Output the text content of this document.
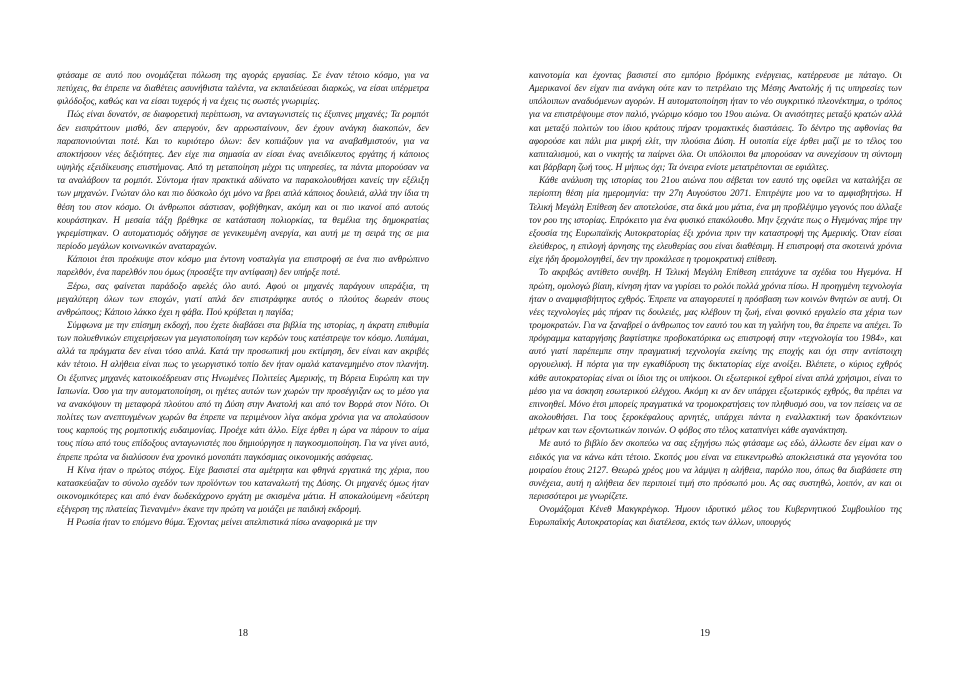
φτάσαμε σε αυτό που ονομάζεται πόλωση της αγοράς εργασίας. Σε έναν τέτοιο κόσμο, για να πετύχεις, θα έπρεπε να διαθέτεις ασυνήθιστα ταλέντα, να εκπαιδεύεσαι διαρκώς, να είσαι υπέρμετρα φιλόδοξος, καθώς και να είσαι τυχερός ή να έχεις τις σωστές γνωριμίες.

Πώς είναι δυνατόν, σε διαφορετική περίπτωση, να ανταγωνιστείς τις έξυπνες μηχανές; Τα ρομπότ δεν εισπράττουν μισθό, δεν απεργούν, δεν αρρωσταίνουν, δεν έχουν ανάγκη διακοπών, δεν παραπονιούνται ποτέ. Και το κυριότερο όλων: δεν κοπιάζουν για να αναβαθμιστούν, για να αποκτήσουν νέες δεξιότητες. Δεν είχε πια σημασία αν είσαι ένας ανειδίκευτος εργάτης ή κάποιος υψηλής εξειδίκευσης επιστήμονας. Από τη μεταποίηση μέχρι τις υπηρεσίες, τα πάντα μπορούσαν να τα αναλάβουν τα ρομπότ. Σύντομα ήταν πρακτικά αδύνατο να παρακολουθήσει κανείς την εξέλιξη των μηχανών. Γνώταν όλο και πιο δύσκολο όχι μόνο να βρει απλά κάποιος δουλειά, αλλά την ίδια τη θέση του στον κόσμο. Οι άνθρωποι σάστισαν, φοβήθηκαν, ακόμη και οι πιο ικανοί από αυτούς κουράστηκαν. Η μεσαία τάξη βρέθηκε σε κατάσταση πολιορκίας, τα θεμέλια της δημοκρατίας γκρεμίστηκαν. Ο αυτοματισμός οδήγησε σε γενικευμένη ανεργία, και αυτή με τη σειρά της σε μια περίοδο μεγάλων κοινωνικών αναταραχών.

Κάποιοι έτσι προέκυψε στον κόσμο μια έντονη νοσταλγία για επιστροφή σε ένα πιο ανθρώπινο παρελθόν, ένα παρελθόν που όμως (προσέξτε την αντίφαση) δεν υπήρξε ποτέ.

Ξέρω, σας φαίνεται παράδοξο αφελές όλο αυτό. Αφού οι μηχανές παράγουν υπεράξια, τη μεγαλύτερη όλων των εποχών, γιατί απλά δεν επιστράφηκε αυτός ο πλούτος δωρεάν στους ανθρώπους; Κάποιο λάκκο έχει η φάβα. Πού κρύβεται η παγίδα;

Σύμφωνα με την επίσημη εκδοχή, που έχετε διαβάσει στα βιβλία της ιστορίας, η άκρατη επιθυμία των πολυεθνικών επιχειρήσεων για μεγιστοποίηση των κερδών τους κατέστρεψε τον κόσμο. Λυπάμαι, αλλά τα πράγματα δεν είναι τόσο απλά. Κατά την προσωπική μου εκτίμηση, δεν είναι καν ακριβές κάν τέτοιο. Η αλήθεια είναι πως το γεωργιστικό τοπίο δεν ήταν ομαλά κατανεμημένο στον πλανήτη. Οι έξυπνες μηχανές κατοικοέδρευαν στις Ηνωμένες Πολιτείες Αμερικής, τη Βόρεια Ευρώπη και την Ιαπωνία. Όσο για την αυτοματοποίηση, οι ηγέτες αυτών των χωρών την προσέγγιζαν ως το μέσο για να ανακόψουν τη μεταφορά πλούτου από τη Δύση στην Ανατολή και από τον Βορρά στον Νότο. Οι πολίτες των ανεπτυγμένων χωρών θα έπρεπε να περιμένουν λίγα ακόμα χρόνια για να απολαύσουν τους καρπούς της ρομποτικής ευδαιμονίας. Προέχε κάτι άλλο. Είχε έρθει η ώρα να πάρουν το αίμα τους πίσω από τους επίδοξους ανταγωνιστές που δημιούργησε η παγκοσμιοποίηση. Για να γίνει αυτό, έπρεπε πρώτα να διαλύσουν ένα χρονικό μονοπάτι παγκόσμιας οικονομικής ασάφειας.

Η Κίνα ήταν ο πρώτος στόχος. Είχε βασιστεί στα αμέτρητα και φθηνά εργατικά της χέρια, που κατασκεύαζαν το σύνολο σχεδόν των προϊόντων του καταναλωτή της Δύσης. Οι μηχανές όμως ήταν οικονομικότερες και από έναν δωδεκάχρονο εργάτη με σκισμένα μάτια. Η αποκαλούμενη «δεύτερη εξέγερση της πλατείας Τιενανμέν» έκανε την πρώτη να μοιάζει με παιδική εκδρομή.

Η Ρωσία ήταν το επόμενο θύμα. Έχοντας μείνει απελπιστικά πίσω αναφορικά με την

18

καινοτομία και έχοντας βασιστεί στο εμπόριο βρόμικης ενέργειας, κατέρρευσε με πάταγο. Οι Αμερικανοί δεν είχαν πια ανάγκη ούτε καν το πετρέλαιο της Μέσης Ανατολής ή τις υπηρεσίες των υπόλοιπων αναδυόμενων αγορών. Η αυτοματοποίηση ήταν το νέο συγκριτικό πλεονέκτημα, ο τρόπος για να επιστρέψουμε στον παλιό, γνώριμο κόσμο του 19ου αιώνα. Οι ανισότητες μεταξύ κρατών αλλά και μεταξύ πολιτών του ίδιου κράτους πήραν τρομακτικές διαστάσεις. Το δέντρο της αφθονίας θα αφορούσε και πάλι μια μικρή ελίτ, την πλούσια Δύση. Η ουτοπία είχε έρθει μαζί με το τέλος του καπιταλισμού, και ο νικητής τα παίρνει όλα. Οι υπόλοιποι θα μπορούσαν να συνεχίσουν τη σύντομη και βάρβαρη ζωή τους. Η μήπως όχι; Τα όνειρα ενίοτε μετατρέπονται σε εφιάλτες.

Κάθε ανάλυση της ιστορίας του 21ου αιώνα που σέβεται τον εαυτό της οφείλει να καταλήξει σε περίοπτη θέση μία ημερομηνία: την 27η Αυγούστου 2071. Επιτρέψτε μου να το αμφισβητήσω. Η Τελική Μεγάλη Επίθεση δεν αποτελούσε, στα δικά μου μάτια, ένα μη προβλέψιμο γεγονός που άλλαξε τον ρου της ιστορίας. Επρόκειτο για ένα φυσικό επακόλουθο. Μην ξεχνάτε πως ο Ηγεμόνας πήρε την εξουσία της Ευρωπαϊκής Αυτοκρατορίας έξι χρόνια πριν την καταστροφή της Αμερικής. Όταν είσαι ελεύθερος, η επιλογή άρνησης της ελευθερίας σου είναι διαθέσιμη. Η επιστροφή στα σκοτεινά χρόνια είχε ήδη δρομολογηθεί, δεν την προκάλεσε η τρομοκρατική επίθεση.

Το ακριβώς αντίθετο συνέβη. Η Τελική Μεγάλη Επίθεση επιτάχυνε τα σχέδια του Ηγεμόνα. Η πρώτη, ομολογώ βίαιη, κίνηση ήταν να γυρίσει το ρολόι πολλά χρόνια πίσω. Η προηγμένη τεχνολογία ήταν ο αναμφισβήτητος εχθρός. Έπρεπε να απαγορευτεί η πρόσβαση των κοινών θνητών σε αυτή. Οι νέες τεχνολογίες μάς πήραν τις δουλειές, μας κλέβουν τη ζωή, είναι φονικό εργαλείο στα χέρια των τρομοκρατών. Για να ξαναβρεί ο άνθρωπος τον εαυτό του και τη γαλήνη του, θα έπρεπε να απέχει. Το πρόγραμμα καταργήσης βαφτίστηκε προβοκατόρικα ως επιστροφή στην «τεχνολογία του 1984», και αυτό γιατί παρέπεμπε στην πραγματική τεχνολογία εκείνης της εποχής και όχι στην αντίστοιχη οργουελική. Η πόρτα για την εγκαθίδρυση της δικτατορίας είχε ανοίξει. Βλέπετε, ο κύριος εχθρός κάθε αυτοκρατορίας είναι οι ίδιοι της οι υπήκοοι. Οι εξωτερικοί εχθροί είναι απλά χρήσιμοι, είναι το μέσο για να άσκηση εσωτερικού ελέγχου. Ακόμη κι αν δεν υπάρχει εξωτερικός εχθρός, θα πρέπει να επινοηθεί. Μόνο έτσι μπορείς πραγματικά να τρομοκρατήσεις τον πληθυσμό σου, να τον πείσεις να σε ακολουθήσει. Για τους ξεροκέφαλους αρνητές, υπάρχει πάντα η εναλλακτική των δρακόντειων μέτρων και των εξοντωτικών ποινών. Ο φόβος στο τέλος καταπνίγει κάθε αγανάκτηση.

Με αυτό το βιβλίο δεν σκοπεύω να σας εξηγήσω πώς φτάσαμε ως εδώ, άλλωστε δεν είμαι καν ο ειδικός για να κάνω κάτι τέτοιο. Σκοπός μου είναι να επικεντρωθώ αποκλειστικά στα γεγονότα του μοιραίου έτους 2127. Θεωρώ χρέος μου να λάμψει η αλήθεια, παρόλο που, όπως θα διαβάσετε στη συνέχεια, αυτή η αλήθεια δεν περιποιεί τιμή στο πρόσωπό μου. Ας σας συστηθώ, λοιπόν, αν και οι περισσότεροι με γνωρίζετε.

Ονομάζομαι Κένεθ Μακγκρέγκορ. Ήμουν ιδρυτικό μέλος του Κυβερνητικού Συμβουλίου της Ευρωπαϊκής Αυτοκρατορίας και διατέλεσα, εκτός των άλλων, υπουργός

19
